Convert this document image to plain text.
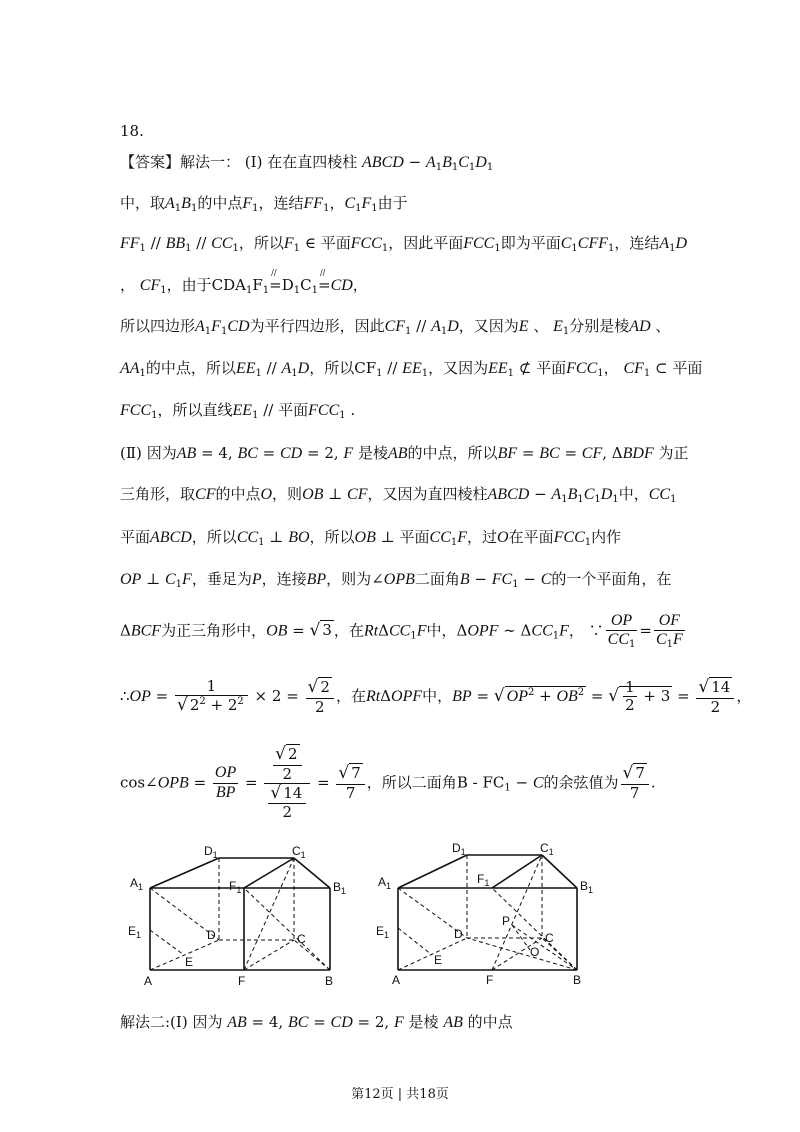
18.
【答案】解法一： (Ⅰ) 在在直四棱柱 ABCD − $A_1B_1C_1D_1$
中，取$A_1B_1$的中点$F_1$，连结$FF_1$，$C_1F_1$由于
$FF_1 // BB_1 // CC_1$，所以$F_1$ ∈ 平面$FCC_1$，因此平面$FCC_1$即为平面$C_1CFF_1$，连结$A_1D$
， $CF_1$，由于$CDA_1F_1$
//
$=D_1C_1$
//
=CD，
所以四边形$A_1F_1CD$为平行四边形，因此$CF_1 // A_1D$，又因为E 、 $E_1$分别是棱AD 、
$AA_1$的中点，所以$EE_1 // A_1D$，所以$CF_1 // EE_1$，又因为$EE_1$ ⊄ 平面$FCC_1$， $CF_1$ ⊂ 平面
$FCC_1$，所以直线$EE_1$ // 平面$FCC_1$ .
(Ⅱ) 因为AB = 4, BC = CD = 2, F 是棱AB的中点，所以BF = BC = CF, ΔBDF 为正
三角形，取CF的中点O，则OB ⊥ CF，又因为直四棱柱ABCD − $A_1B_1C_1D_1$中，$CC_1$
平面ABCD，所以$CC_1$ ⊥ BO，所以OB ⊥ 平面$CC_1F$，过O在平面$FCC_1$内作
OP ⊥ $C_1F$，垂足为P，连接BP，则为∠OPB二面角$B - FC_1 - C$的一个平面角，在
ΔBCF为正三角形中，OB = √ 3 ，在RtΔCC$_1$F中，ΔOPF ∼ $\Delta CC_1F$， ∵ $\frac{OP}{CC_1} = \frac{OF}{C_1F}$
∴OP = $\frac{1}{√ 2^2 + 2^2} \times 2 = \frac{√ 2}{2}$ ，在RtΔOPF中，BP = √ $OP^2 + OB^2$ = √ $\frac{1}{2} + 3 = \frac{√ 14}{2}$ ，
cos∠OPB = $\frac{OP}{BP} = \frac{\frac{√ 2}{2}}{\frac{√ 14}{2}} = \frac{√ 7}{7}$ ，所以二面角$B - FC_1 - C$的余弦值为 $\frac{√ 7}{7}$ .
$D_1$	$C_1$
$A_1$	$F_1$	$B_1$
$E_1$	D	C
E
A	F	B
$D_1$	$C_1$
$A_1$	$F_1$	$B_1$
$E_1$	D
P
C
O
E
A	F	B
解法二:(Ⅰ) 因为 AB = 4, BC = CD = 2, F 是棱 AB 的中点
第12页 | 共18页
